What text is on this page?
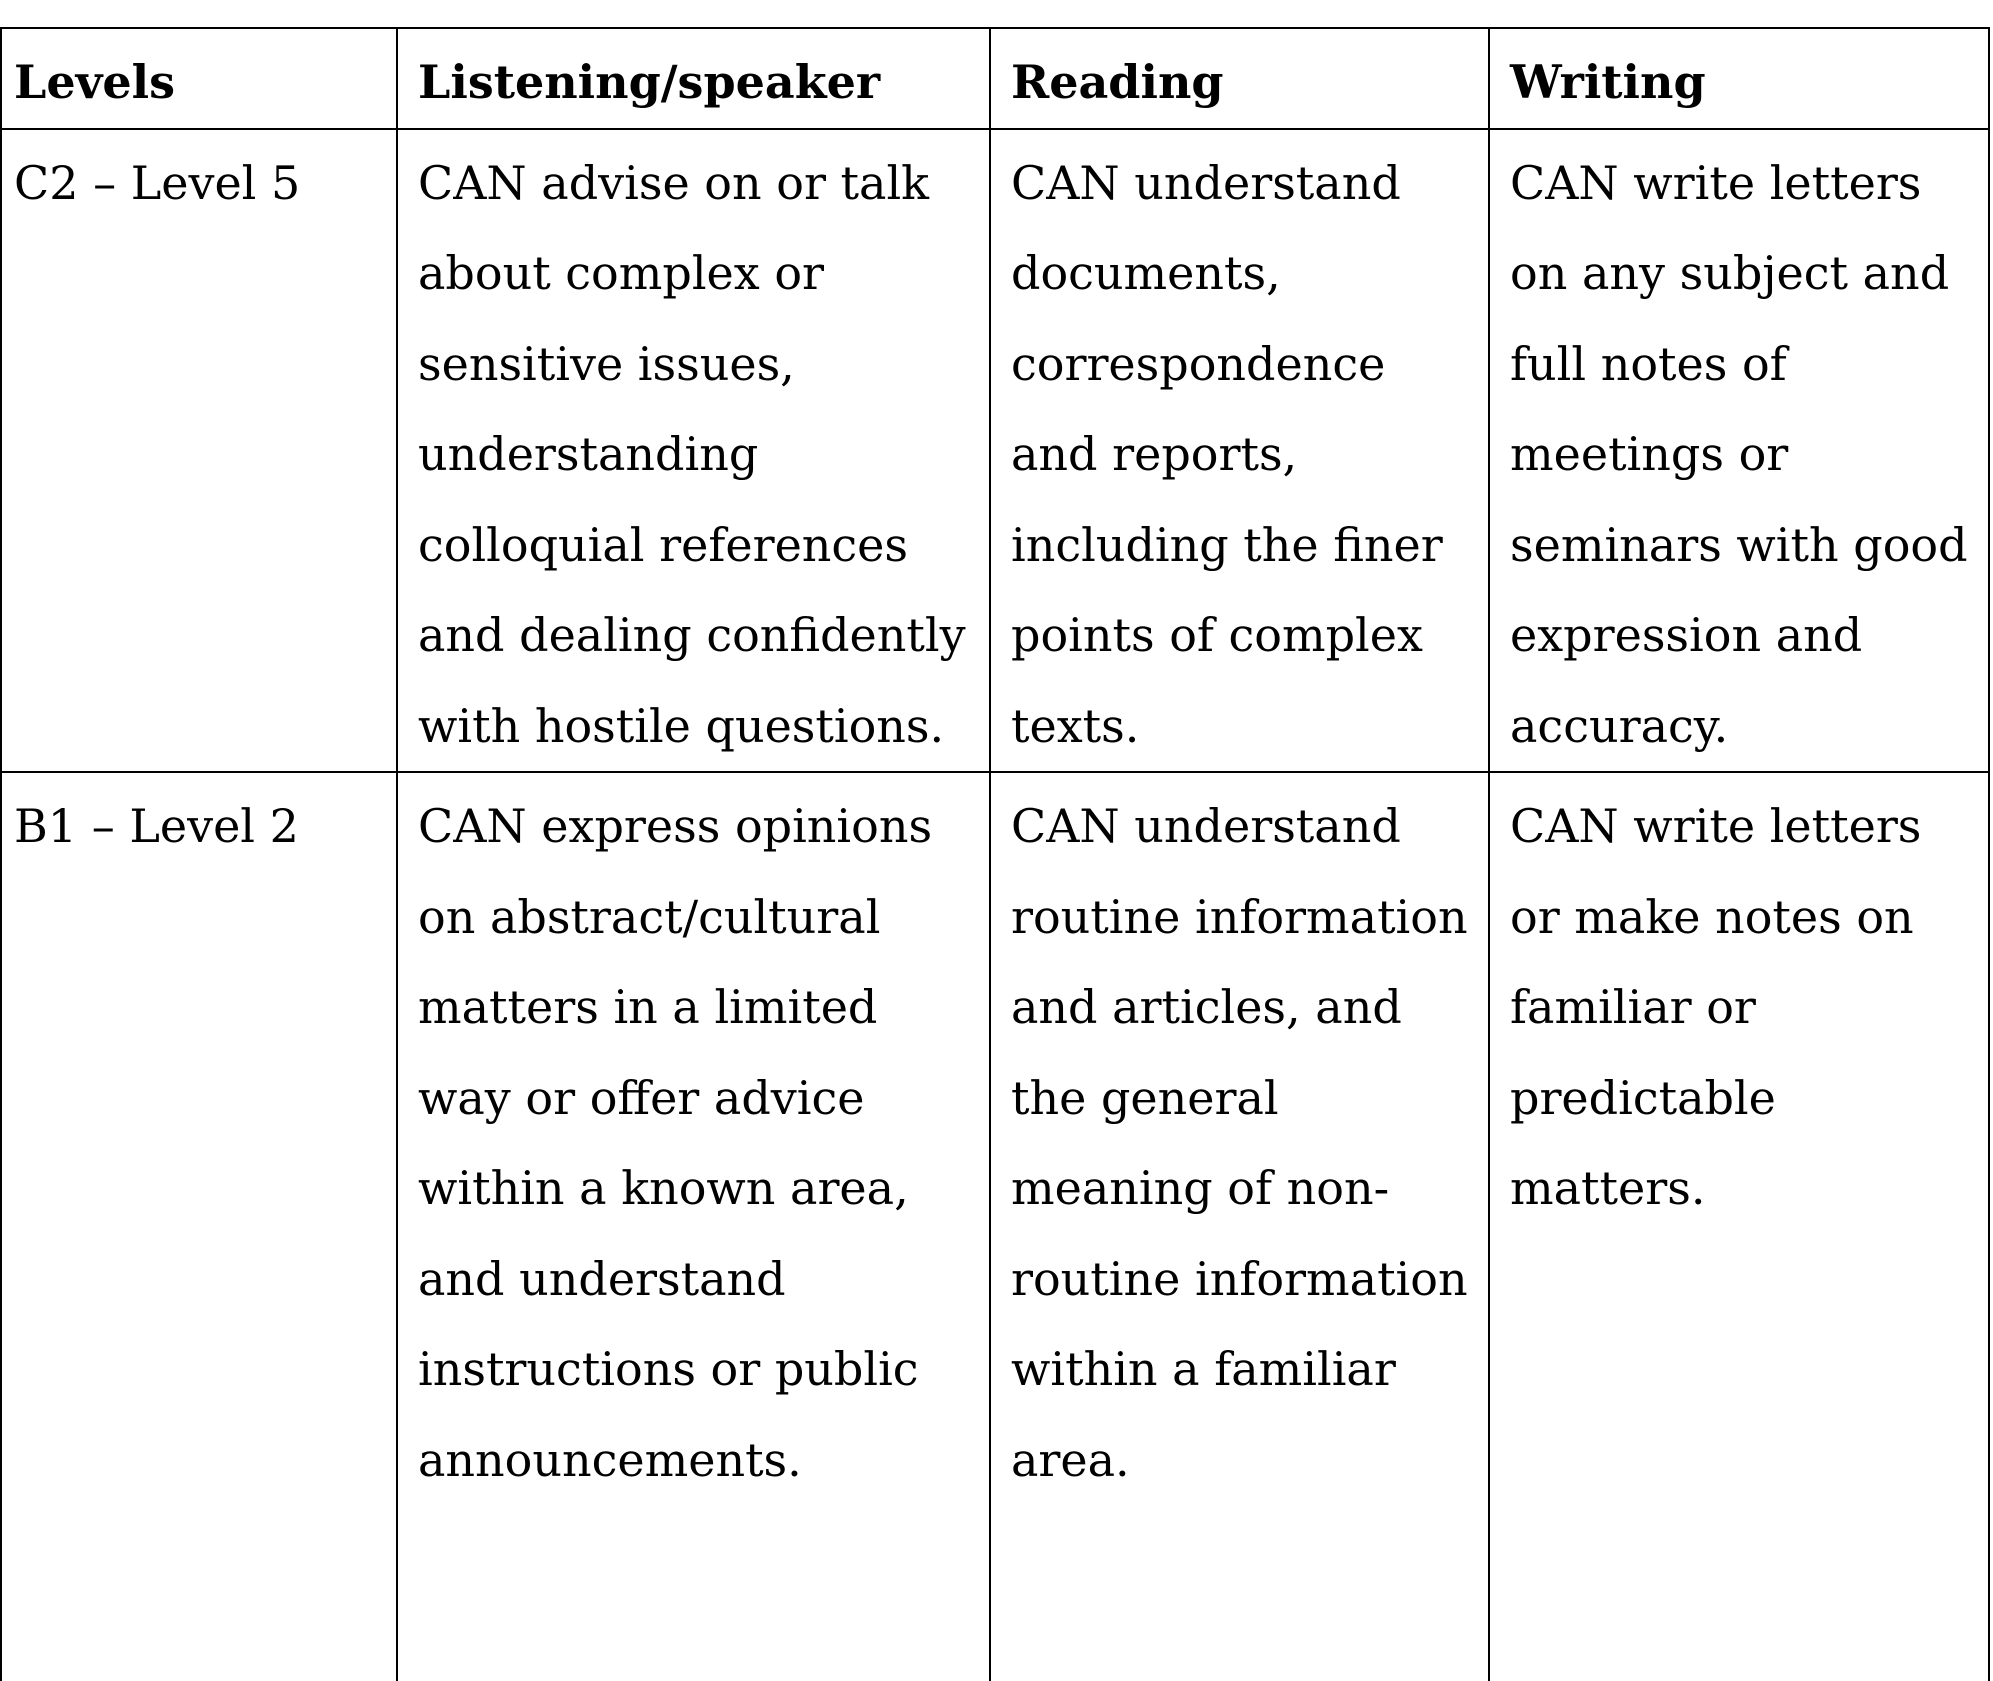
Levels	Listening/speaker	Reading	Writing
C2 – Level 5	CAN advise on or talk about complex or sensitive issues, understanding colloquial references and dealing confidently with hostile questions.	CAN understand documents, correspondence and reports, including the finer points of complex texts.	CAN write letters on any subject and full notes of meetings or seminars with good expression and accuracy.
B1 – Level 2	CAN express opinions on abstract/cultural matters in a limited way or offer advice within a known area, and understand instructions or public announcements.	CAN understand routine information and articles, and the general meaning of non-routine information within a familiar area.	CAN write letters or make notes on familiar or predictable matters.
